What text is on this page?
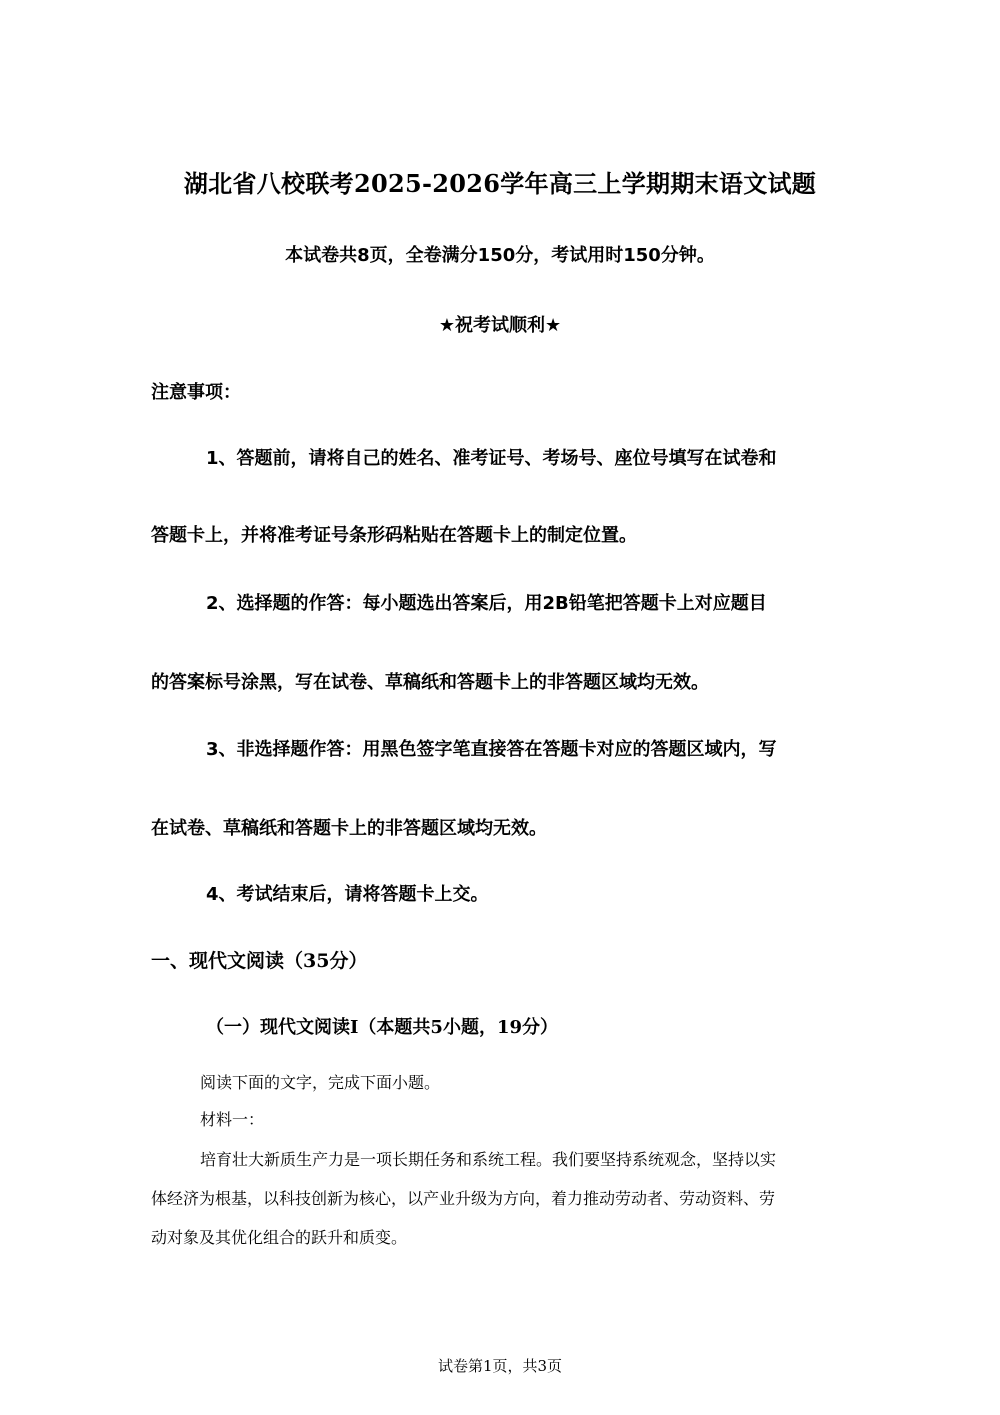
湖北省八校联考2025-2026学年高三上学期期末语文试题
本试卷共8页，全卷满分150分，考试用时150分钟。
★祝考试顺利★
注意事项：
1、答题前，请将自己的姓名、准考证号、考场号、座位号填写在试卷和
答题卡上，并将准考证号条形码粘贴在答题卡上的制定位置。
2、选择题的作答：每小题选出答案后，用2B铅笔把答题卡上对应题目
的答案标号涂黑，写在试卷、草稿纸和答题卡上的非答题区域均无效。
3、非选择题作答：用黑色签字笔直接答在答题卡对应的答题区域内，写
在试卷、草稿纸和答题卡上的非答题区域均无效。
4、考试结束后，请将答题卡上交。
一、现代文阅读（35分）
（一）现代文阅读Ⅰ（本题共5小题，19分）
阅读下面的文字，完成下面小题。
材料一：
培育壮大新质生产力是一项长期任务和系统工程。我们要坚持系统观念，坚持以实
体经济为根基，以科技创新为核心，以产业升级为方向，着力推动劳动者、劳动资料、劳
动对象及其优化组合的跃升和质变。
试卷第1页，共3页
